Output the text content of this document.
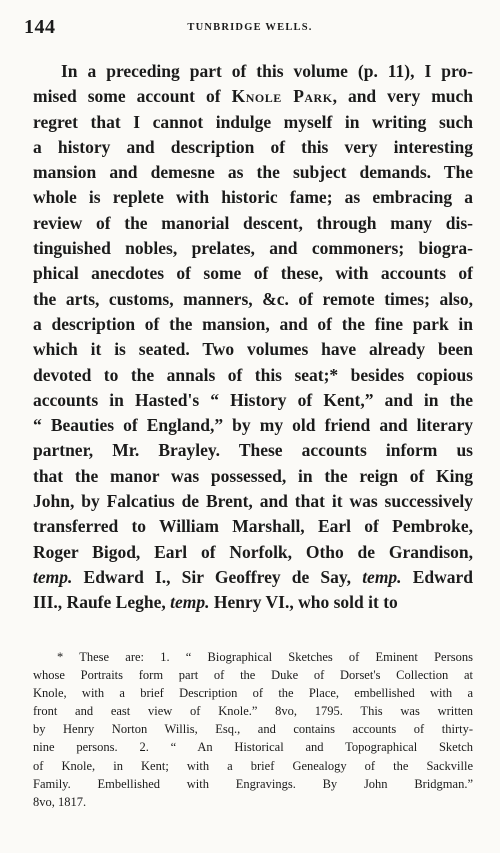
144	TUNBRIDGE WELLS.
In a preceding part of this volume (p. 11), I pro-
mised some account of Knole Park, and very much
regret that I cannot indulge myself in writing such
a history and description of this very interesting
mansion and demesne as the subject demands. The
whole is replete with historic fame; as embracing a
review of the manorial descent, through many dis-
tinguished nobles, prelates, and commoners; biogra-
phical anecdotes of some of these, with accounts of
the arts, customs, manners, &c. of remote times; also,
a description of the mansion, and of the fine park in
which it is seated. Two volumes have already been
devoted to the annals of this seat;* besides copious
accounts in Hasted's “ History of Kent,” and in the
“ Beauties of England,” by my old friend and literary
partner, Mr. Brayley. These accounts inform us
that the manor was possessed, in the reign of King
John, by Falcatius de Brent, and that it was successively
transferred to William Marshall, Earl of Pembroke,
Roger Bigod, Earl of Norfolk, Otho de Grandison,
temp. Edward I., Sir Geoffrey de Say, temp. Edward
III., Raufe Leghe, temp. Henry VI., who sold it to
* These are: 1. “ Biographical Sketches of Eminent Persons
whose Portraits form part of the Duke of Dorset's Collection at
Knole, with a brief Description of the Place, embellished with a
front and east view of Knole.” 8vo, 1795. This was written
by Henry Norton Willis, Esq., and contains accounts of thirty-
nine persons. 2. “ An Historical and Topographical Sketch
of Knole, in Kent; with a brief Genealogy of the Sackville
Family. Embellished with Engravings. By John Bridgman.”
8vo, 1817.
